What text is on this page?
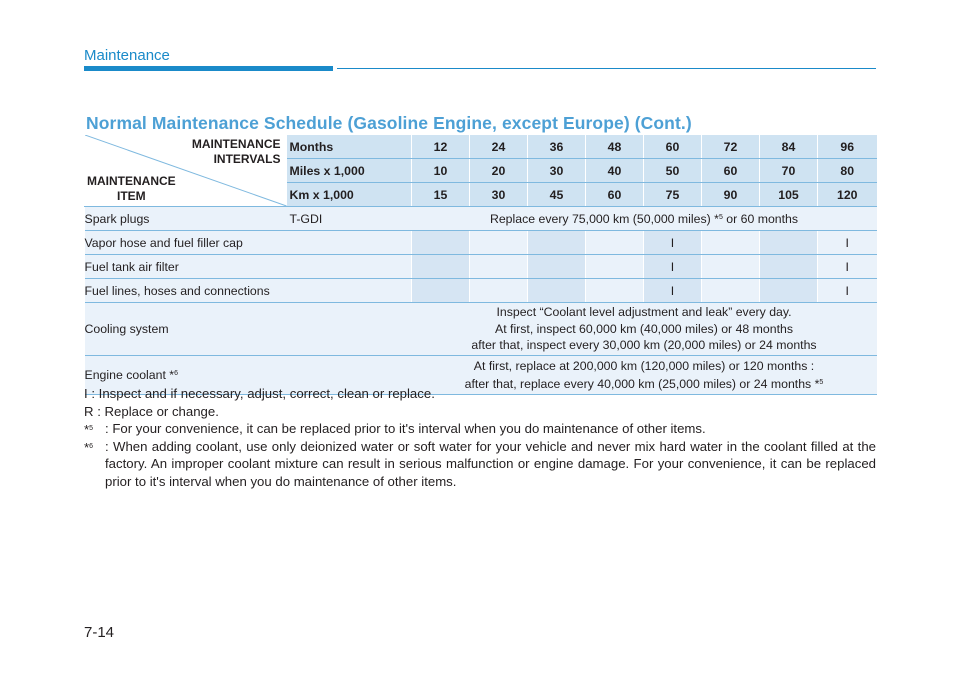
Maintenance
Normal Maintenance Schedule (Gasoline Engine, except Europe) (Cont.)
MAINTENANCE
INTERVALS
MAINTENANCE
ITEM	Months	12	24	36	48	60	72	84	96
	Miles x 1,000	10	20	30	40	50	60	70	80
	Km x 1,000	15	30	45	60	75	90	105	120
Spark plugs	T-GDI	Replace every 75,000 km (50,000 miles) *$^5$ or 60 months							
Vapor hose and fuel filler cap						I			I
Fuel tank air filter						I			I
Fuel lines, hoses and connections						I			I
Cooling system		Inspect “Coolant level adjustment and leak” every day.
At first, inspect 60,000 km (40,000 miles) or 48 months
after that, inspect every 30,000 km (20,000 miles) or 24 months							

Engine coolant *$^6$		At first, replace at 200,000 km (120,000 miles) or 120 months :
after that, replace every 40,000 km (25,000 miles) or 24 months *$^5$
I : Inspect and if necessary, adjust, correct, clean or replace.
R : Replace or change.
*$^5$ : For your convenience, it can be replaced prior to it's interval when you do maintenance of other items.
*$^6$ : When adding coolant, use only deionized water or soft water for your vehicle and never mix hard water in the coolant filled at the factory. An improper coolant mixture can result in serious malfunction or engine damage. For your convenience, it can be replaced prior to it's interval when you do maintenance of other items.
7-14
